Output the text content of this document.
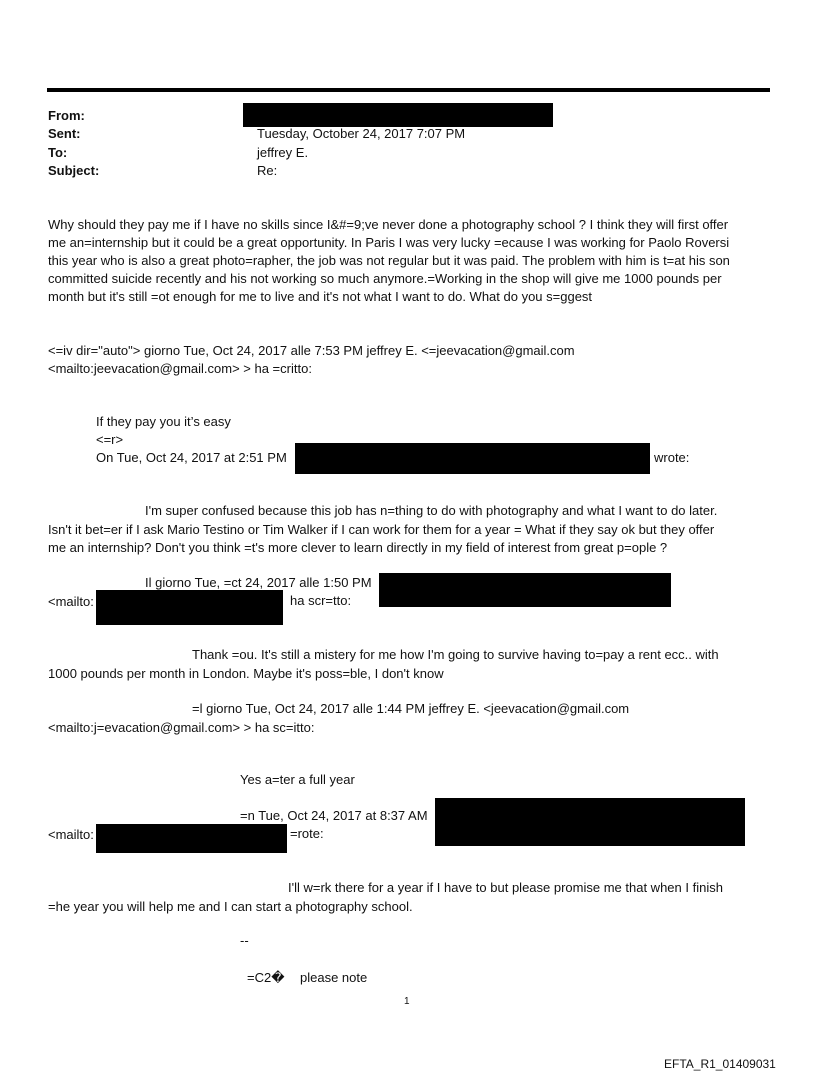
From:
Sent:	Tuesday, October 24, 2017 7:07 PM
To:	jeffrey E.
Subject:	Re:
Why should they pay me if I have no skills since I&#=9;ve never done a photography school ? I think they will first offer
me an=internship but it could be a great opportunity. In Paris I was very lucky =ecause I was working for Paolo Roversi
this year who is also a great photo=rapher, the job was not regular but it was paid. The problem with him is t=at his son
committed suicide recently and his not working so much anymore.=Working in the shop will give me 1000 pounds per
month but it's still =ot enough for me to live and it's not what I want to do. What do you s=ggest
<=iv dir="auto"> giorno Tue, Oct 24, 2017 alle 7:53 PM jeffrey E. <=jeevacation@gmail.com
<mailto:jeevacation@gmail.com> > ha =critto:
If they pay you it’s easy
<=r>
On Tue, Oct 24, 2017 at 2:51 PM	wrote:
I'm super confused because this job has n=thing to do with photography and what I want to do later.
Isn't it bet=er if I ask Mario Testino or Tim Walker if I can work for them for a year = What if they say ok but they offer
me an internship? Don't you think =t's more clever to learn directly in my field of interest from great p=ople ?
Il giorno Tue, =ct 24, 2017 alle 1:50 PM
<mailto:	ha scr=tto:
Thank =ou. It's still a mistery for me how I'm going to survive having to=pay a rent ecc.. with
1000 pounds per month in London. Maybe it's poss=ble, I don't know
=l giorno Tue, Oct 24, 2017 alle 1:44 PM jeffrey E. <jeevacation@gmail.com
<mailto:j=evacation@gmail.com> > ha sc=itto:
Yes a=ter a full year
=n Tue, Oct 24, 2017 at 8:37 AM
<mailto:	=rote:
I'll w=rk there for a year if I have to but please promise me that when I finish
=he year you will help me and I can start a photography school.
--
=C2� please note
1
EFTA_R1_01409031
